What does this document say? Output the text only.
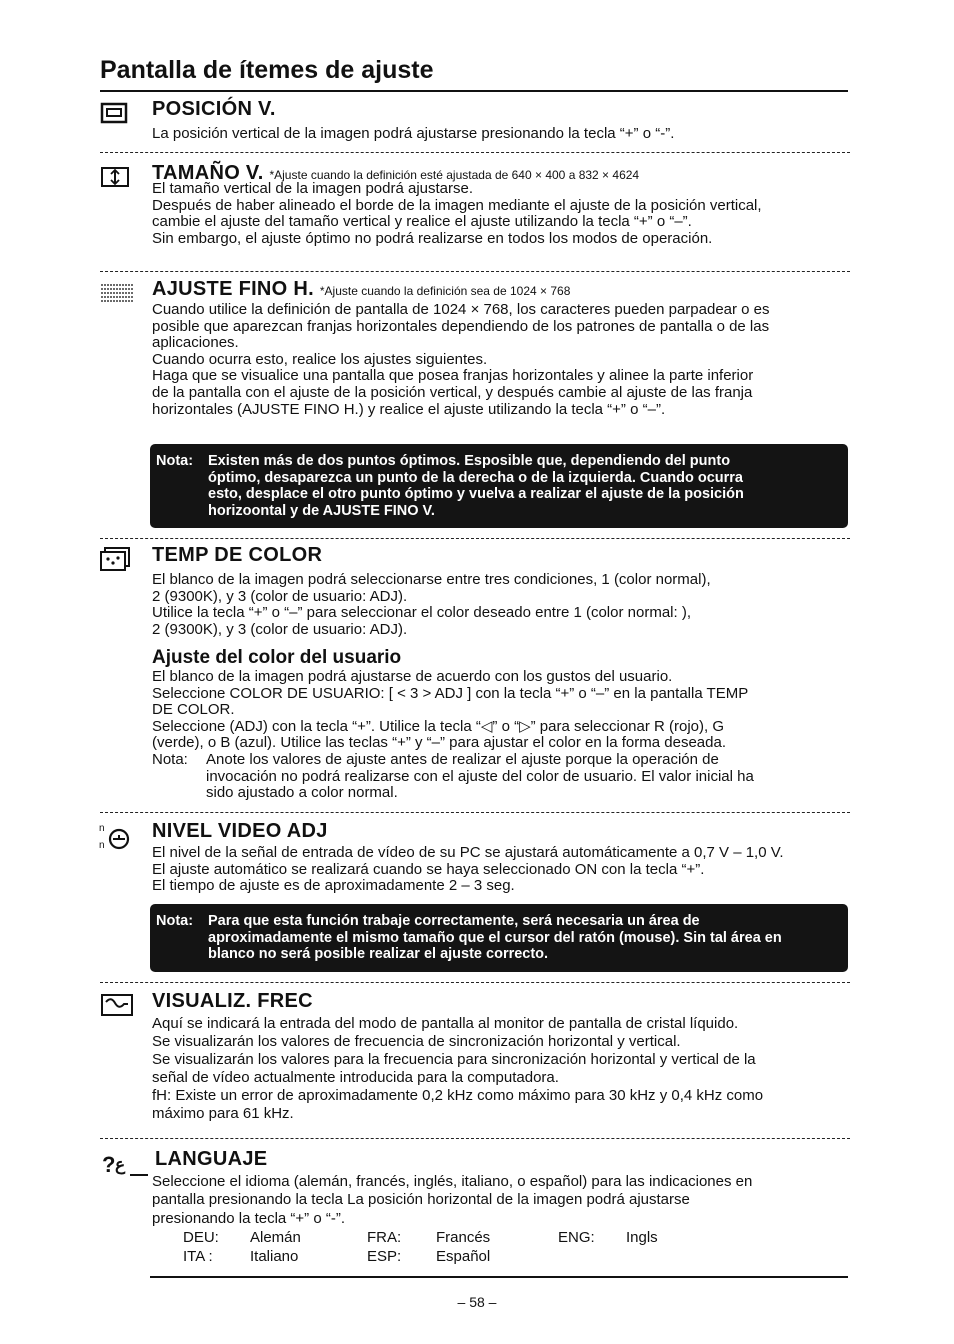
Pantalla de ítemes de ajuste
POSICIÓN V.

La posición vertical de la imagen podrá ajustarse presionando la tecla “+” o “-”.

TAMAÑO V. *Ajuste cuando la definición esté ajustada de 640 × 400 a 832 × 4624

El tamaño vertical de la imagen podrá ajustarse.

Después de haber alineado el borde de la imagen mediante el ajuste de la posición vertical,

cambie el ajuste del tamaño vertical y realice el ajuste utilizando la tecla “+” o “–”.

Sin embargo, el ajuste óptimo no podrá realizarse en todos los modos de operación.

AJUSTE FINO H. *Ajuste cuando la definición sea de 1024 × 768

Cuando utilice la definición de pantalla de 1024 × 768, los caracteres pueden parpadear o es

posible que aparezcan franjas horizontales dependiendo de los patrones de pantalla o de las

aplicaciones.

Cuando ocurra esto, realice los ajustes siguientes.

Haga que se visualice una pantalla que posea franjas horizontales y alinee la parte inferior

de la pantalla con el ajuste de la posición vertical, y después cambie al ajuste de las franja

horizontales (AJUSTE FINO H.) y realice el ajuste utilizando la tecla “+” o “–”.

Nota: Existen más de dos puntos óptimos. Esposible que, dependiendo del punto
óptimo, desaparezca un punto de la derecha o de la izquierda. Cuando ocurra
esto, desplace el otro punto óptimo y vuelva a realizar el ajuste de la posición
horizoontal y de AJUSTE FINO V.
TEMP DE COLOR

El blanco de la imagen podrá seleccionarse entre tres condiciones, 1 (color normal),

2 (9300K), y 3 (color de usuario: ADJ).

Utilice la tecla “+” o “–” para seleccionar el color deseado entre 1 (color normal: ),

2 (9300K), y 3 (color de usuario: ADJ).

Ajuste del color del usuario

El blanco de la imagen podrá ajustarse de acuerdo con los gustos del usuario.

Seleccione COLOR DE USUARIO: [ < 3 > ADJ ] con la tecla “+” o “–” en la pantalla TEMP

DE COLOR.

Seleccione (ADJ) con la tecla “+”. Utilice la tecla “◁” o “▷” para seleccionar R (rojo), G

(verde), o B (azul). Utilice las teclas “+” y “–” para ajustar el color en la forma deseada.

Nota: Anote los valores de ajuste antes de realizar el ajuste porque la operación de
invocación no podrá realizarse con el ajuste del color de usuario. El valor inicial ha
sido ajustado a color normal.
n
n
NIVEL VIDEO ADJ

El nivel de la señal de entrada de vídeo de su PC se ajustará automáticamente a 0,7 V – 1,0 V.

El ajuste automático se realizará cuando se haya seleccionado ON con la tecla “+”.

El tiempo de ajuste es de aproximadamente 2 – 3 seg.

Nota: Para que esta función trabaje correctamente, será necesaria un área de
aproximadamente el mismo tamaño que el cursor del ratón (mouse). Sin tal área en
blanco no será posible realizar el ajuste correcto.
VISUALIZ. FREC

Aquí se indicará la entrada del modo de pantalla al monitor de pantalla de cristal líquido.

Se visualizarán los valores de frecuencia de sincronización horizontal y vertical.

Se visualizarán los valores para la frecuencia para sincronización horizontal y vertical de la

señal de vídeo actualmente introducida para la computadora.

fH: Existe un error de aproximadamente 0,2 kHz como máximo para 30 kHz y 0,4 kHz como

máximo para 61 kHz.

? ع LANGUAJE

Seleccione el idioma (alemán, francés, inglés, italiano, o español) para las indicaciones en

pantalla presionando la tecla La posición horizontal de la imagen podrá ajustarse

presionando la tecla “+” o “-”.

DEU: Alemán	FRA: Francés	ENG: Ingls
ITA : Italiano	ESP: Español
– 58 –
